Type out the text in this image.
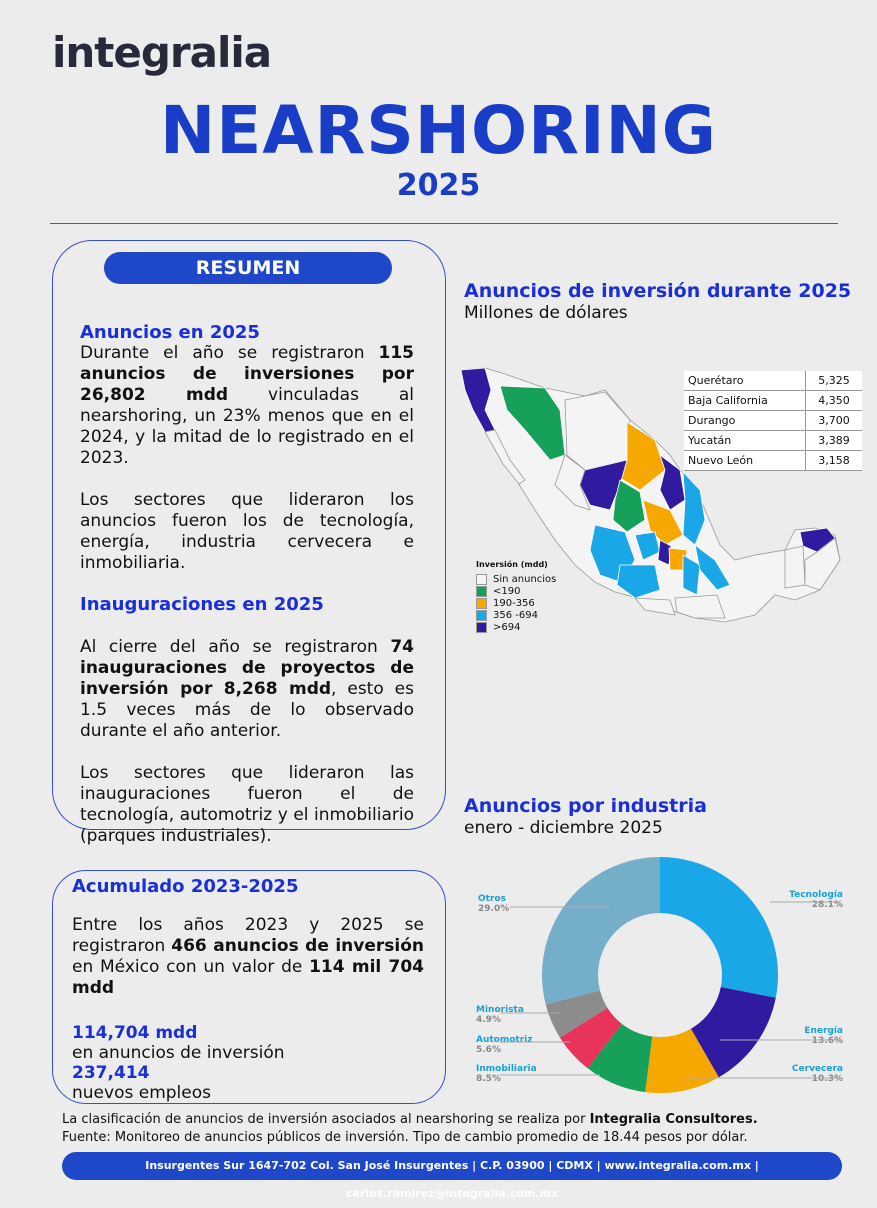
integralia
NEARSHORING
2025
RESUMEN
Anuncios en 2025
Durante el año se registraron 115 anuncios de inversiones por 26,802 mdd vinculadas al nearshoring, un 23% menos que en el 2024, y la mitad de lo registrado en el 2023.
Los sectores que lideraron los anuncios fueron los de tecnología, energía, industria cervecera e inmobiliaria.
Inauguraciones en 2025
Al cierre del año se registraron 74 inauguraciones de proyectos de inversión por 8,268 mdd, esto es 1.5 veces más de lo observado durante el año anterior.
Los sectores que lideraron las inauguraciones fueron el de tecnología, automotriz y el inmobiliario (parques industriales).
Acumulado 2023-2025
Entre los años 2023 y 2025 se registraron 466 anuncios de inversión en México con un valor de 114 mil 704 mdd
114,704 mdd
en anuncios de inversión
237,414
nuevos empleos
Anuncios de inversión durante 2025
Millones de dólares
Querétaro	5,325
Baja California	4,350
Durango	3,700
Yucatán	3,389
Nuevo León	3,158
Inversión (mdd)
Sin anuncios
<190
190-356
356 -694
>694
Anuncios por industria
enero - diciembre 2025
Tecnología
28.1%
Energía
13.6%
Cervecera
10.3%
Inmobiliaria
8.5%
Automotriz
5.6%
Minorista
4.9%
Otros
29.0%
La clasificación de anuncios de inversión asociados al nearshoring se realiza por Integralia Consultores.
Fuente: Monitoreo de anuncios públicos de inversión. Tipo de cambio promedio de 18.44 pesos por dólar.
Insurgentes Sur 1647-702 Col. San José Insurgentes | C.P. 03900 | CDMX | www.integralia.com.mx | carlos.ramirez@integralia.com.mx
